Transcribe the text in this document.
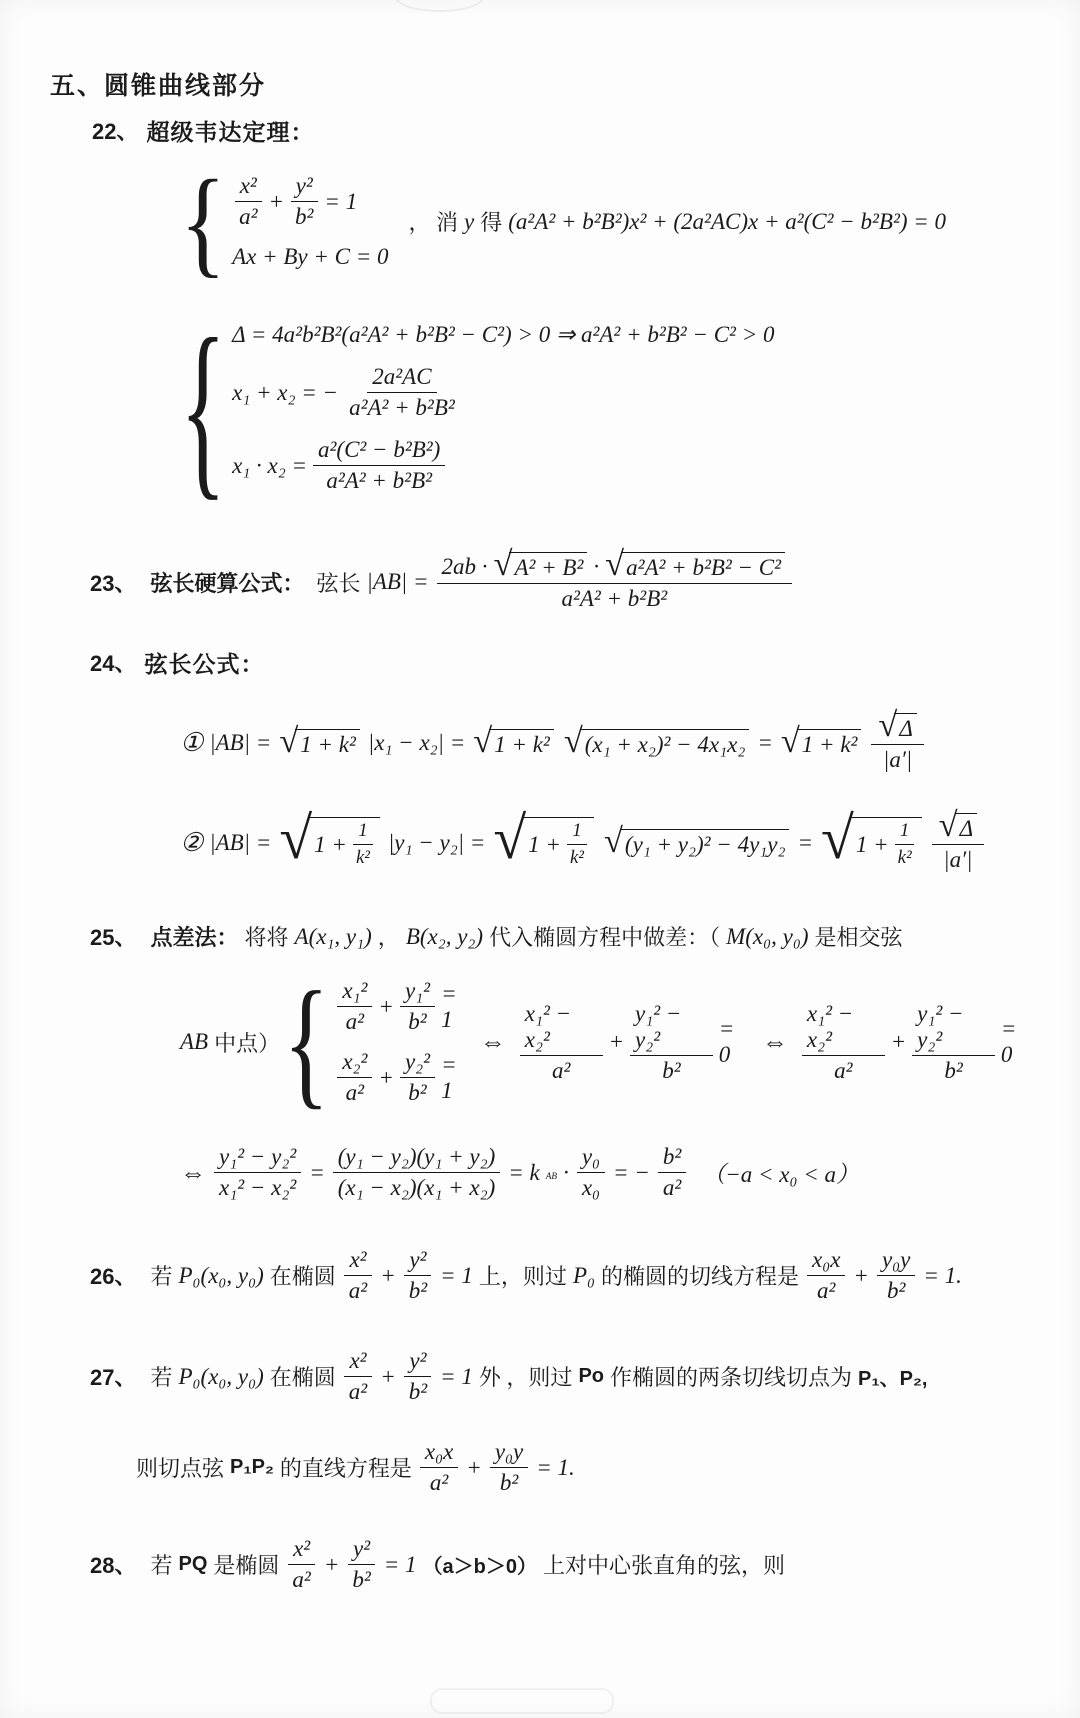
五、圆锥曲线部分
22、 超级韦达定理：
{ $\frac{\text{x²}}{\text{a²}} + \frac{\text{y²}}{\text{b²}} = 1$
Ax + By + C = 0
， 消 y 得 (a²A² + b²B²)x² + (2a²AC)x + a²(C² − b²B²) = 0
{ Δ = 4a²b²B²(a²A² + b²B² − C²) > 0 ⇒ a²A² + b²B² − C² > 0
x₁ + x₂ = − $\frac{\text{2a²AC}}{\text{a²A² + b²B²}}$
$x_1 \cdot x_2 = \frac{\text{a²(C² − b²B²)}}{\text{a²A² + b²B²}}$
23、 弦长硬算公式： 弦长 |AB| =
2ab · √ A² + B² · √ a²A² + b²B² − C²
a²A² + b²B²
24、 弦长公式：
① |AB| = √ 1 + k² |x₁ − x₂| = √ 1 + k² √ (x₁ + x₂)² − 4x₁x₂ = √ $1 + k^2 \frac{√ \Delta}{|a'|}$
② |AB| = √ $1 + \frac{1}{\text{k²}} |y_1 - y_2|$ = √ $1 + \frac{1}{\text{k²}}$ √ (y₁ + y₂)² − 4y₁y₂ = √ $1 + \frac{1}{\text{k²}} \frac{√ \Delta}{|a'|}$
25、 点差法： 将将 A(x₁, y₁) ， B(x₂, y₂) 代入椭圆方程中做差：（ M(x₀, y₀) 是相交弦
AB 中点） { $\frac{\text{x₁²}}{\text{a²}} + \frac{\text{y₁²}}{\text{b²}} = 1$
$\frac{\text{x₂²}}{\text{a²}} + \frac{\text{y₂²}}{\text{b²}} = 1$
⇔ $\frac{\text{x₁² − x₂²}}{\text{a²}} + \frac{\text{y₁² − y₂²}}{\text{b²}} = 0$	⇔ $\frac{\text{x₁² − x₂²}}{\text{a²}} + \frac{\text{y₁² − y₂²}}{\text{b²}} = 0$
⇔ $\frac{\text{y₁² − y₂²}}{\text{x₁² − x₂²}} = \frac{\text{(y₁ − y₂)(y₁ + y₂)}}{\text{(x₁ − x₂)(x₁ + x₂)}} = k$ AB · $\frac{\text{y₀}}{\text{x₀}}$ = − $\frac{\text{b²}}{\text{a²}} (-a < x_0 < a)$
26、 若 P₀(x₀, y₀) 在椭圆 $\frac{\text{x²}}{\text{a²}} + \frac{\text{y²}}{\text{b²}} = 1$ 上，则过 P₀ 的椭圆的切线方程是 $\frac{\text{x₀x}}{\text{a²}} + \frac{\text{y₀y}}{\text{b²}} = 1$.
27、 若 P₀(x₀, y₀) 在椭圆 $\frac{\text{x²}}{\text{a²}} + \frac{\text{y²}}{\text{b²}} = 1$ 外 ，则过 Po 作椭圆的两条切线切点为 P₁、P₂,
则切点弦 P₁P₂ 的直线方程是 $\frac{\text{x₀x}}{\text{a²}} + \frac{\text{y₀y}}{\text{b²}} = 1$.
28、 若 PQ 是椭圆 $\frac{\text{x²}}{\text{a²}} + \frac{\text{y²}}{\text{b²}} = 1$ （a＞b＞0） 上对中心张直角的弦，则
